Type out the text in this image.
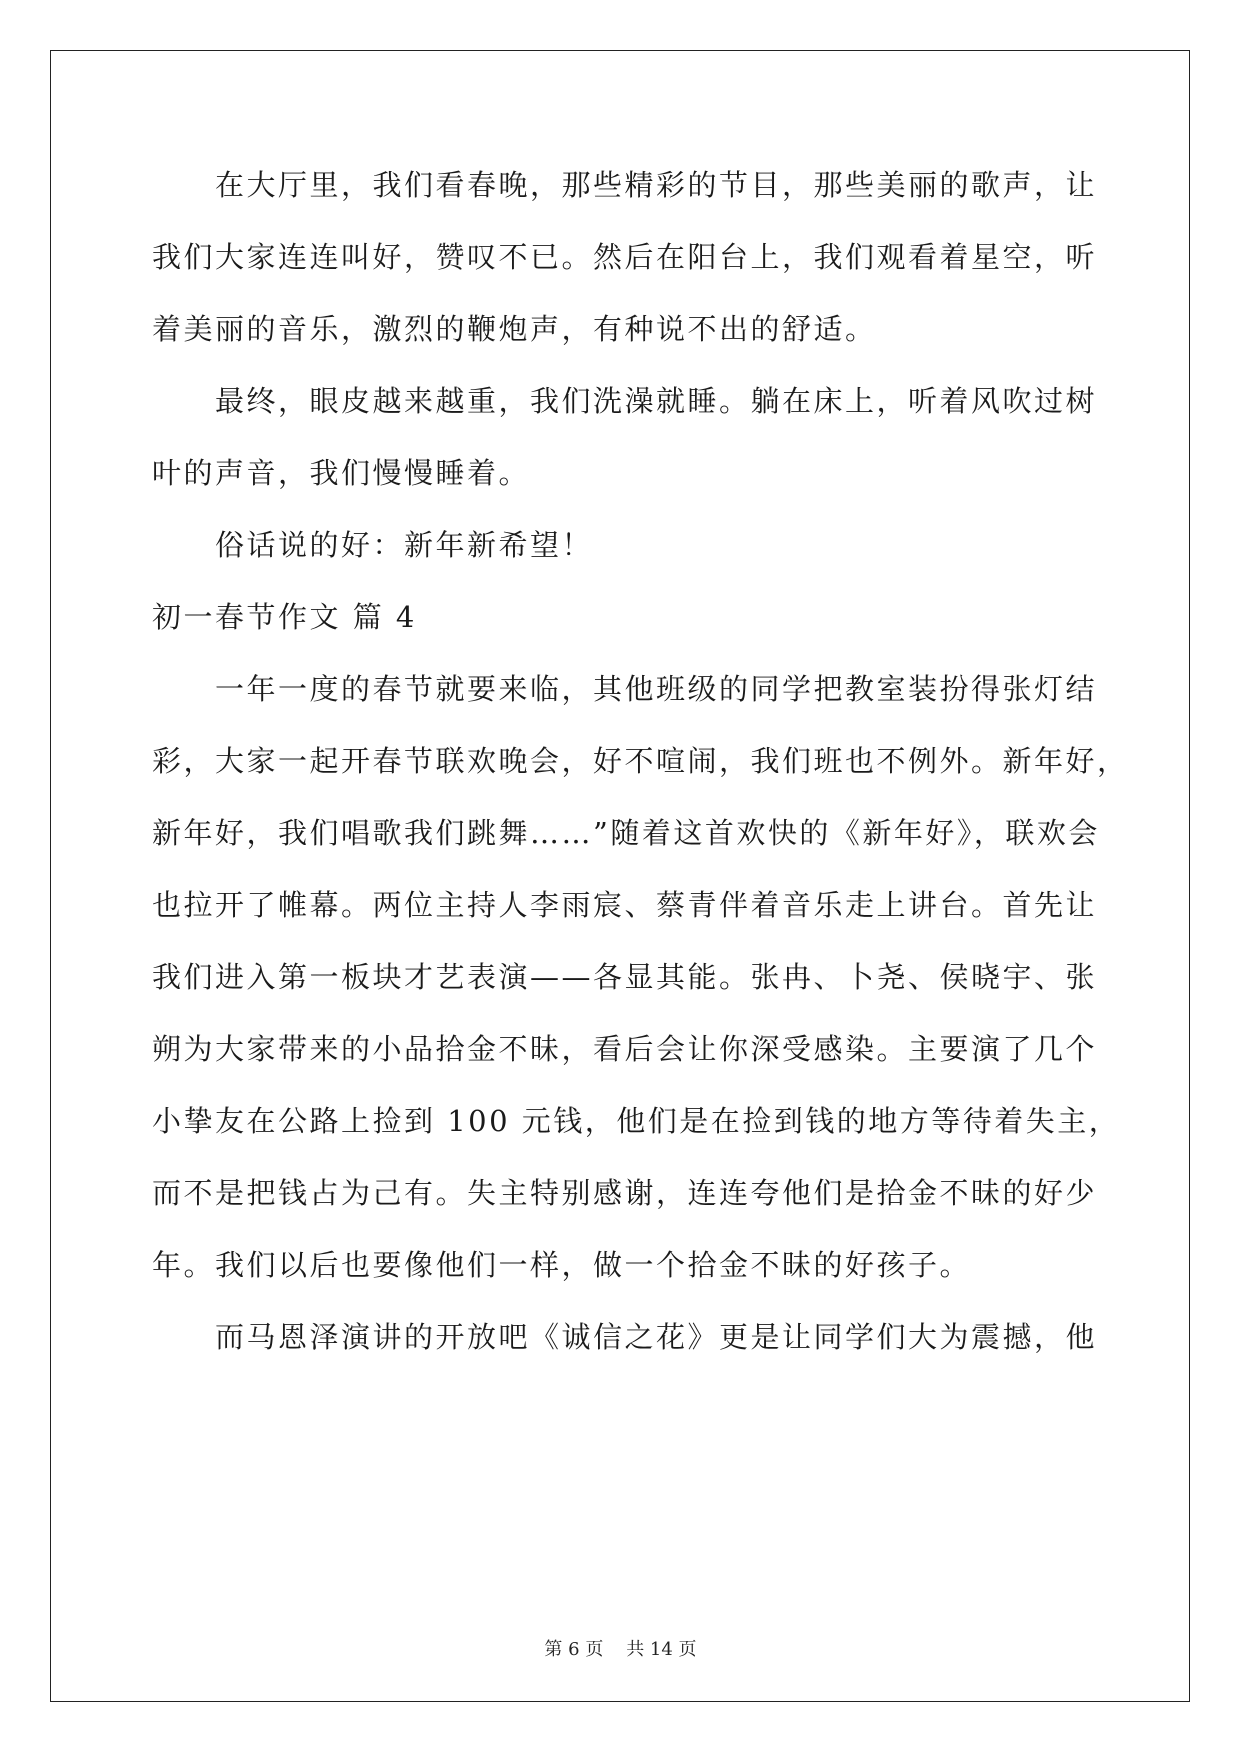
　　在大厅里，我们看春晚，那些精彩的节目，那些美丽的歌声，让
我们大家连连叫好，赞叹不已。然后在阳台上，我们观看着星空，听
着美丽的音乐，激烈的鞭炮声，有种说不出的舒适。
　　最终，眼皮越来越重，我们洗澡就睡。躺在床上，听着风吹过树
叶的声音，我们慢慢睡着。
　　俗话说的好：新年新希望！
初一春节作文 篇 4
　　一年一度的春节就要来临，其他班级的同学把教室装扮得张灯结
彩，大家一起开春节联欢晚会，好不喧闹，我们班也不例外。新年好，
新年好，我们唱歌我们跳舞……”随着这首欢快的《新年好》，联欢会
也拉开了帷幕。两位主持人李雨宸、蔡青伴着音乐走上讲台。首先让
我们进入第一板块才艺表演——各显其能。张冉、卜尧、侯晓宇、张
朔为大家带来的小品拾金不昧，看后会让你深受感染。主要演了几个
小挚友在公路上捡到 100 元钱，他们是在捡到钱的地方等待着失主，
而不是把钱占为己有。失主特别感谢，连连夸他们是拾金不昧的好少
年。我们以后也要像他们一样，做一个拾金不昧的好孩子。
　　而马恩泽演讲的开放吧《诚信之花》更是让同学们大为震撼，他
第 6 页    共 14 页
